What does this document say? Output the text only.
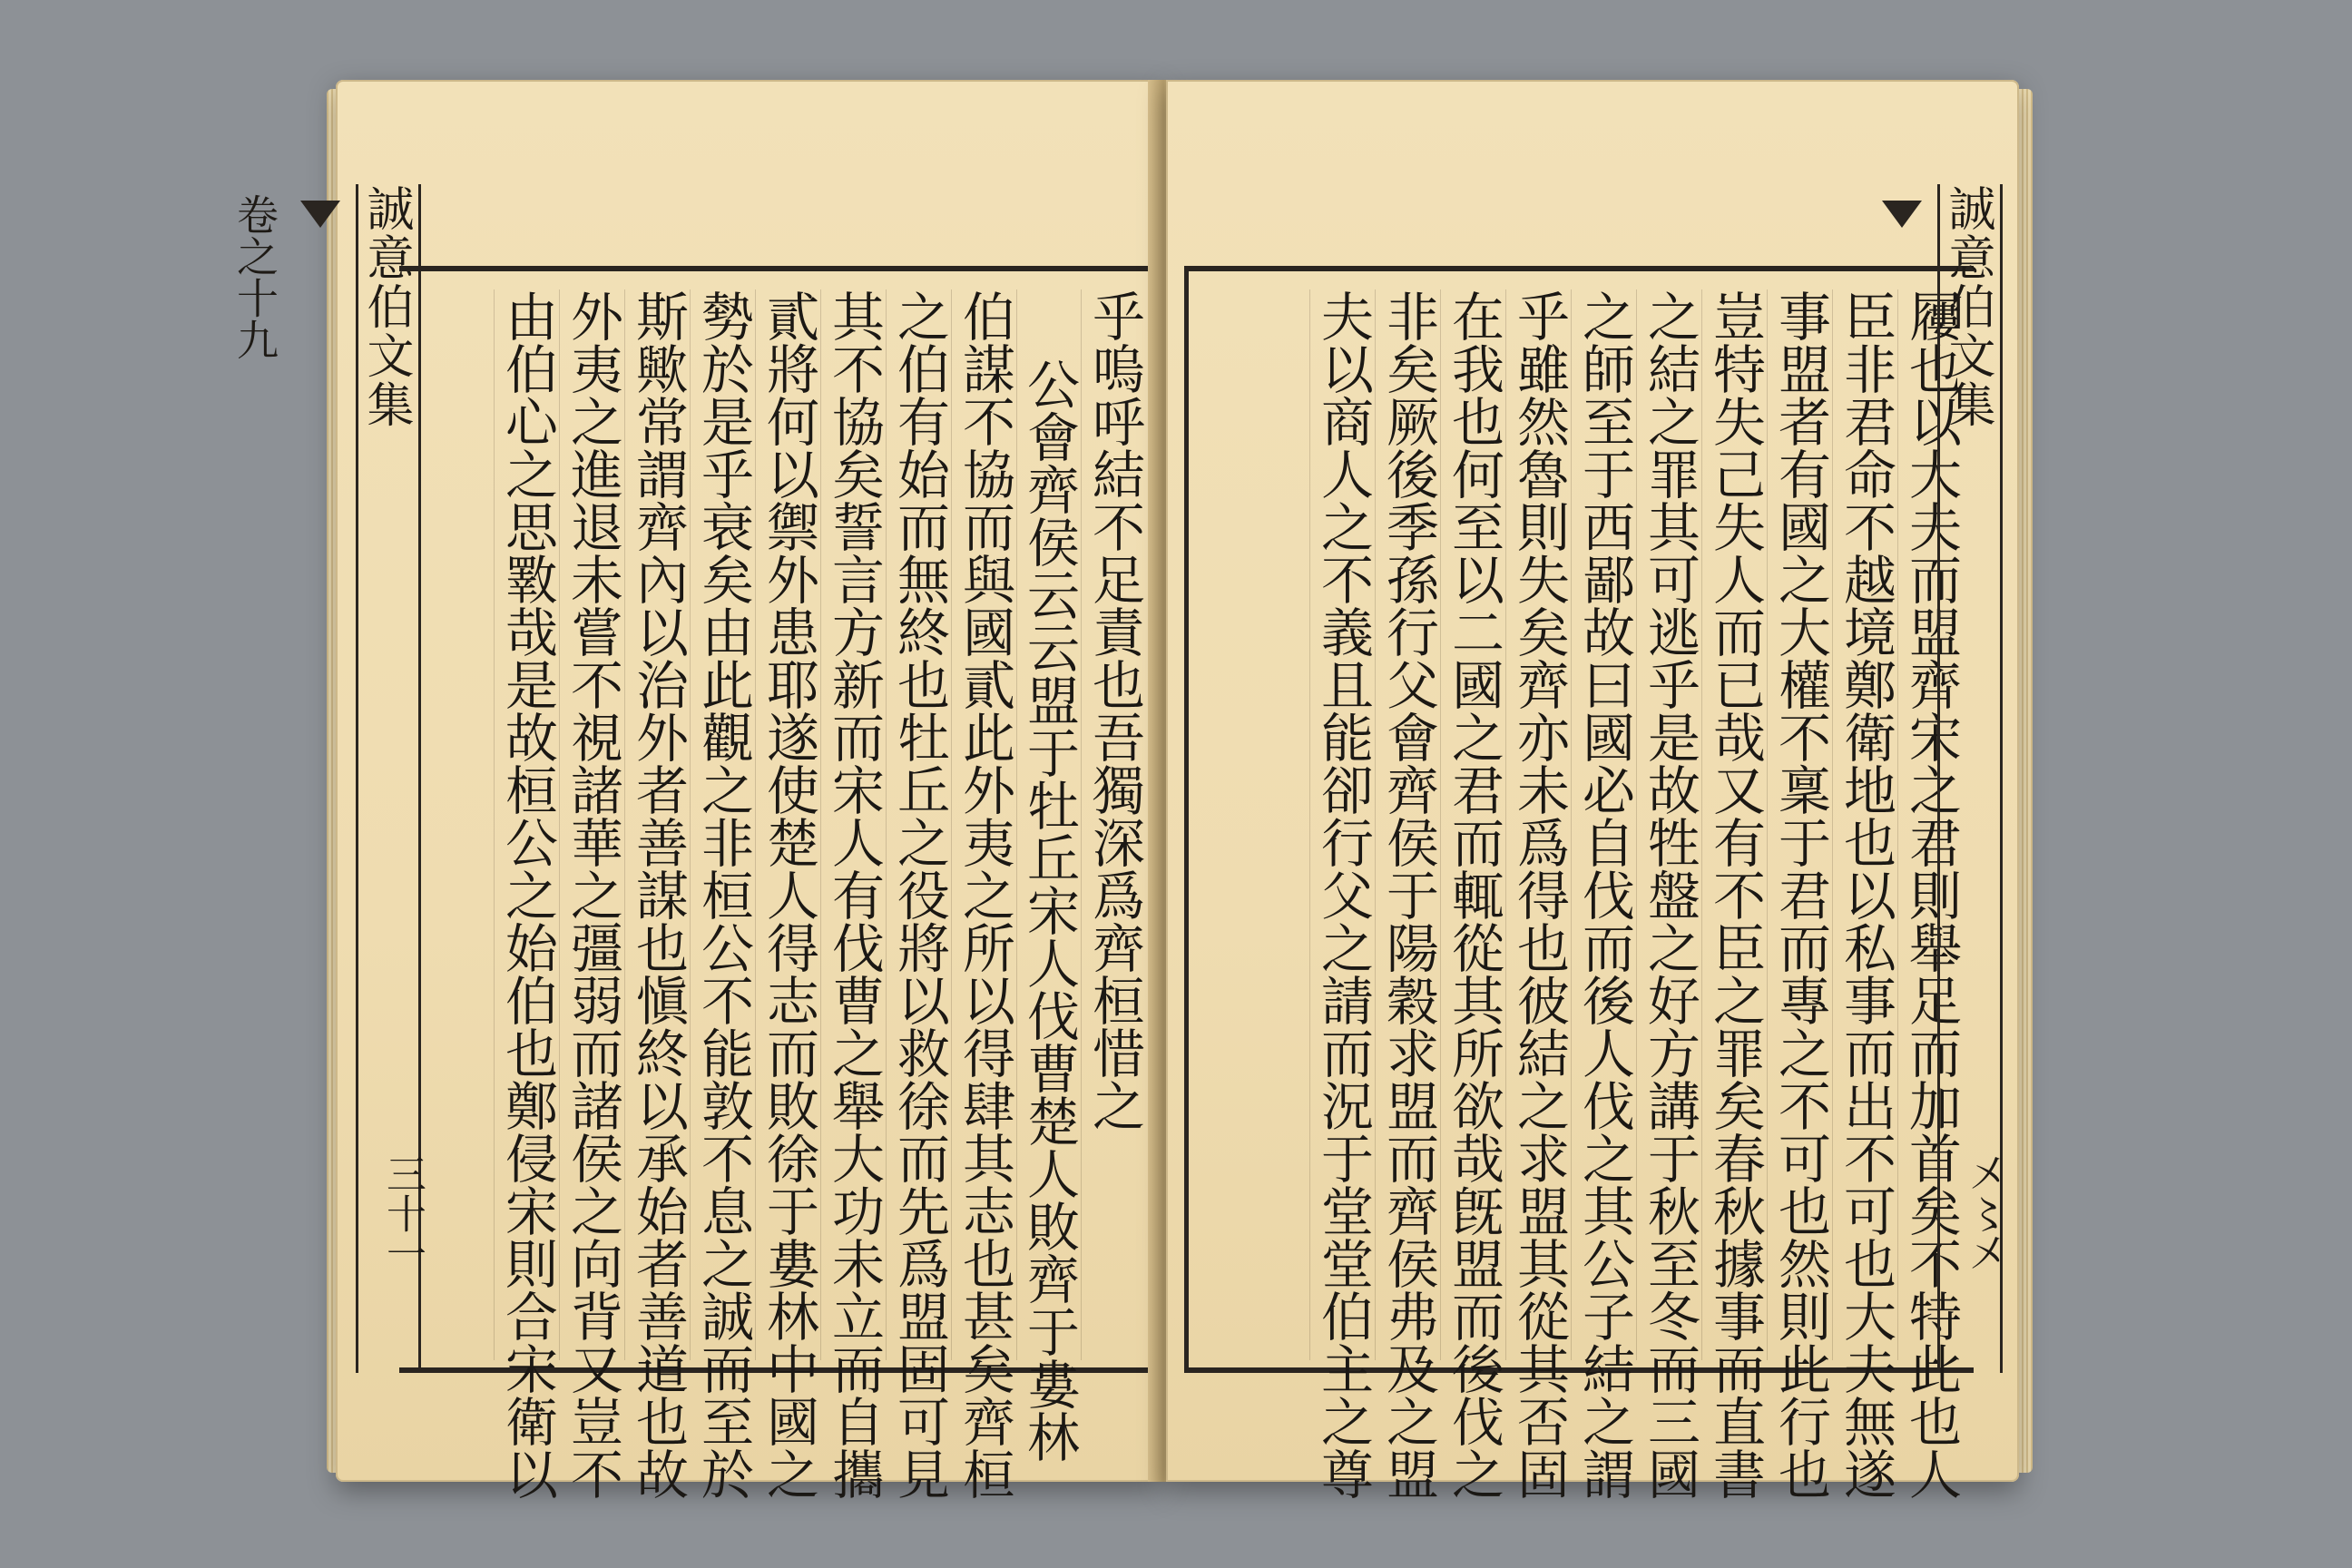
誠意伯文集
卷之十九
三十一
乎嗚呼結不足責也吾獨深爲齊桓惜之
公會齊侯云云盟于牡丘宋人伐曹楚人敗齊于婁林
伯謀不協而與國貳此外夷之所以得肆其志也甚矣齊桓
之伯有始而無終也牡丘之役將以救徐而先爲盟固可見
其不協矣誓言方新而宋人有伐曹之舉大功未立而自攜
貳將何以禦外患耶遂使楚人得志而敗徐于婁林中國之
勢於是乎衰矣由此觀之非桓公不能敦不息之誠而至於
斯歟常謂齊內以治外者善謀也愼終以承始者善道也故
外夷之進退未嘗不視諸華之彊弱而諸侯之向背又豈不
由伯心之思斁哉是故桓公之始伯也鄭侵宋則合宋衛以	屨也以大夫而盟齊宋之君則舉足而加首矣不特此也人
臣非君命不越境鄭衛地也以私事而出不可也大夫無遂
事盟者有國之大權不稟于君而專之不可也然則此行也
豈特失己失人而已哉又有不臣之罪矣春秋據事而直書
之結之罪其可逃乎是故牲盤之好方講于秋至冬而三國
之師至于西鄙故曰國必自伐而後人伐之其公子結之謂
乎雖然魯則失矣齊亦未爲得也彼結之求盟其從其否固
在我也何至以二國之君而輒從其所欲哉旣盟而後伐之
非矣厥後季孫行父會齊侯于陽穀求盟而齊侯弗及之盟
夫以商人之不義且能卻行父之請而況于堂堂伯主之尊	誠意伯文集
㐅〻㐅
